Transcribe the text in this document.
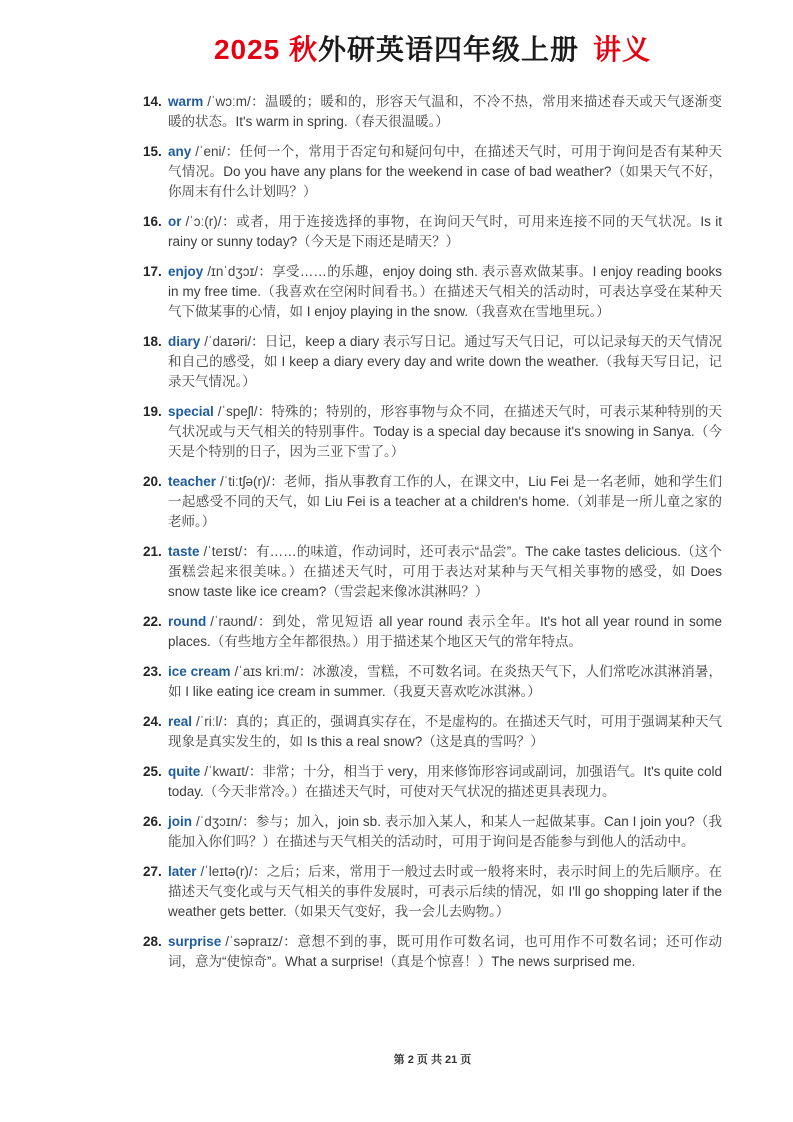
2025 秋外研英语四年级上册 讲义
14. warm /ˈwɔːm/：温暖的；暖和的，形容天气温和，不冷不热，常用来描述春天或天气逐渐变暖的状态。It's warm in spring.（春天很温暖。）
15. any /ˈeni/：任何一个，常用于否定句和疑问句中，在描述天气时，可用于询问是否有某种天气情况。Do you have any plans for the weekend in case of bad weather?（如果天气不好，你周末有什么计划吗？）
16. or /ˈɔː(r)/：或者，用于连接选择的事物，在询问天气时，可用来连接不同的天气状况。Is it rainy or sunny today?（今天是下雨还是晴天？）
17. enjoy /ɪnˈdʒɔɪ/：享受……的乐趣，enjoy doing sth. 表示喜欢做某事。I enjoy reading books in my free time.（我喜欢在空闲时间看书。）在描述天气相关的活动时，可表达享受在某种天气下做某事的心情，如 I enjoy playing in the snow.（我喜欢在雪地里玩。）
18. diary /ˈdaɪəri/：日记，keep a diary 表示写日记。通过写天气日记，可以记录每天的天气情况和自己的感受，如 I keep a diary every day and write down the weather.（我每天写日记，记录天气情况。）
19. special /ˈspeʃl/：特殊的；特别的，形容事物与众不同，在描述天气时，可表示某种特别的天气状况或与天气相关的特别事件。Today is a special day because it's snowing in Sanya.（今天是个特别的日子，因为三亚下雪了。）
20. teacher /ˈtiːtʃə(r)/：老师，指从事教育工作的人，在课文中，Liu Fei 是一名老师，她和学生们一起感受不同的天气，如 Liu Fei is a teacher at a children's home.（刘菲是一所儿童之家的老师。）
21. taste /ˈteɪst/：有……的味道，作动词时，还可表示“品尝”。The cake tastes delicious.（这个蛋糕尝起来很美味。）在描述天气时，可用于表达对某种与天气相关事物的感受，如 Does snow taste like ice cream?（雪尝起来像冰淇淋吗？）
22. round /ˈraʊnd/：到处，常见短语 all year round 表示全年。It's hot all year round in some places.（有些地方全年都很热。）用于描述某个地区天气的常年特点。
23. ice cream /ˈaɪs kriːm/：冰激凌，雪糕，不可数名词。在炎热天气下，人们常吃冰淇淋消暑，如 I like eating ice cream in summer.（我夏天喜欢吃冰淇淋。）
24. real /ˈriːl/：真的；真正的，强调真实存在，不是虚构的。在描述天气时，可用于强调某种天气现象是真实发生的，如 Is this a real snow?（这是真的雪吗？）
25. quite /ˈkwaɪt/：非常；十分，相当于 very，用来修饰形容词或副词，加强语气。It's quite cold today.（今天非常冷。）在描述天气时，可使对天气状况的描述更具表现力。
26. join /ˈdʒɔɪn/：参与；加入，join sb. 表示加入某人，和某人一起做某事。Can I join you?（我能加入你们吗？）在描述与天气相关的活动时，可用于询问是否能参与到他人的活动中。
27. later /ˈleɪtə(r)/：之后；后来，常用于一般过去时或一般将来时，表示时间上的先后顺序。在描述天气变化或与天气相关的事件发展时，可表示后续的情况，如 I'll go shopping later if the weather gets better.（如果天气变好，我一会儿去购物。）
28. surprise /ˈsəpraɪz/：意想不到的事，既可用作可数名词，也可用作不可数名词；还可作动词，意为“使惊奇”。What a surprise!（真是个惊喜！）The news surprised me.
第 2 页 共 21 页
